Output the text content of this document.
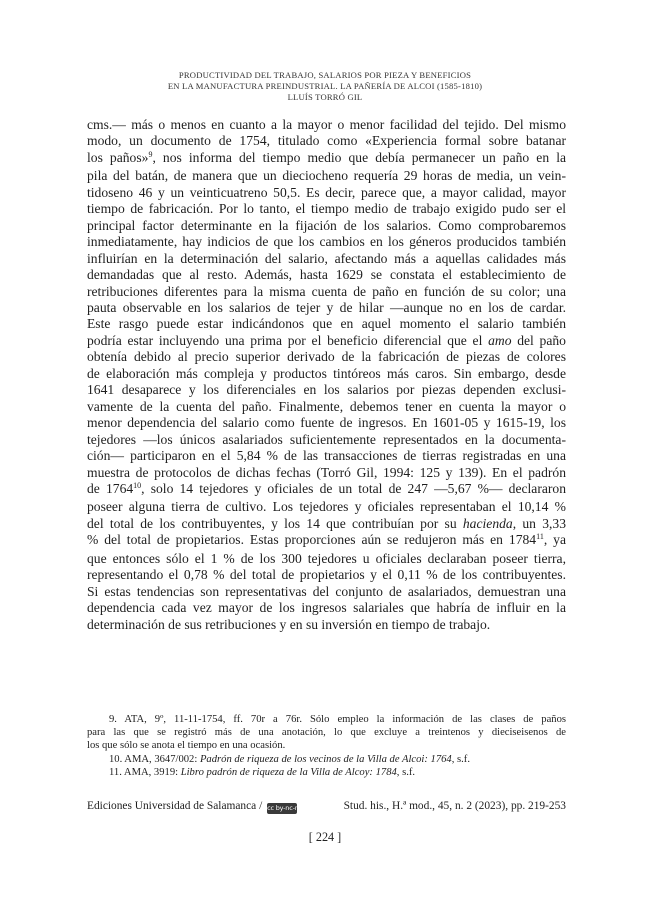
PRODUCTIVIDAD DEL TRABAJO, SALARIOS POR PIEZA Y BENEFICIOS
EN LA MANUFACTURA PREINDUSTRIAL. LA PAÑERÍA DE ALCOI (1585-1810)
LLUÍS TORRÓ GIL
cms.— más o menos en cuanto a la mayor o menor facilidad del tejido. Del mismo
modo, un documento de 1754, titulado como «Experiencia formal sobre batanar
los paños»$^9$, nos informa del tiempo medio que debía permanecer un paño en la
pila del batán, de manera que un dieciocheno requería 29 horas de media, un vein-
tidoseno 46 y un veinticuatreno 50,5. Es decir, parece que, a mayor calidad, mayor
tiempo de fabricación. Por lo tanto, el tiempo medio de trabajo exigido pudo ser el
principal factor determinante en la fijación de los salarios. Como comprobaremos
inmediatamente, hay indicios de que los cambios en los géneros producidos también
influirían en la determinación del salario, afectando más a aquellas calidades más
demandadas que al resto. Además, hasta 1629 se constata el establecimiento de
retribuciones diferentes para la misma cuenta de paño en función de su color; una
pauta observable en los salarios de tejer y de hilar —aunque no en los de cardar.
Este rasgo puede estar indicándonos que en aquel momento el salario también
podría estar incluyendo una prima por el beneficio diferencial que el amo del paño
obtenía debido al precio superior derivado de la fabricación de piezas de colores
de elaboración más compleja y productos tintóreos más caros. Sin embargo, desde
1641 desaparece y los diferenciales en los salarios por piezas dependen exclusi-
vamente de la cuenta del paño. Finalmente, debemos tener en cuenta la mayor o
menor dependencia del salario como fuente de ingresos. En 1601-05 y 1615-19, los
tejedores —los únicos asalariados suficientemente representados en la documenta-
ción— participaron en el 5,84 % de las transacciones de tierras registradas en una
muestra de protocolos de dichas fechas (Torró Gil, 1994: 125 y 139). En el padrón
de 1764$^{10}$, solo 14 tejedores y oficiales de un total de 247 —5,67 %— declararon
poseer alguna tierra de cultivo. Los tejedores y oficiales representaban el 10,14 %
del total de los contribuyentes, y los 14 que contribuían por su hacienda, un 3,33
% del total de propietarios. Estas proporciones aún se redujeron más en 1784$^{11}$, ya
que entonces sólo el 1 % de los 300 tejedores u oficiales declaraban poseer tierra,
representando el 0,78 % del total de propietarios y el 0,11 % de los contribuyentes.
Si estas tendencias son representativas del conjunto de asalariados, demuestran una
dependencia cada vez mayor de los ingresos salariales que habría de influir en la
determinación de sus retribuciones y en su inversión en tiempo de trabajo.
9. ATA, 9º, 11-11-1754, ff. 70r a 76r. Sólo empleo la información de las clases de paños
para las que se registró más de una anotación, lo que excluye a treintenos y dieciseisenos de
los que sólo se anota el tiempo en una ocasión.
10. AMA, 3647/002: Padrón de riqueza de los vecinos de la Villa de Alcoi: 1764, s.f.
11. AMA, 3919: Libro padrón de riqueza de la Villa de Alcoy: 1784, s.f.
Ediciones Universidad de Salamanca / cc by-nc-nd	Stud. his., H.ª mod., 45, n. 2 (2023), pp. 219-253
[ 224 ]
